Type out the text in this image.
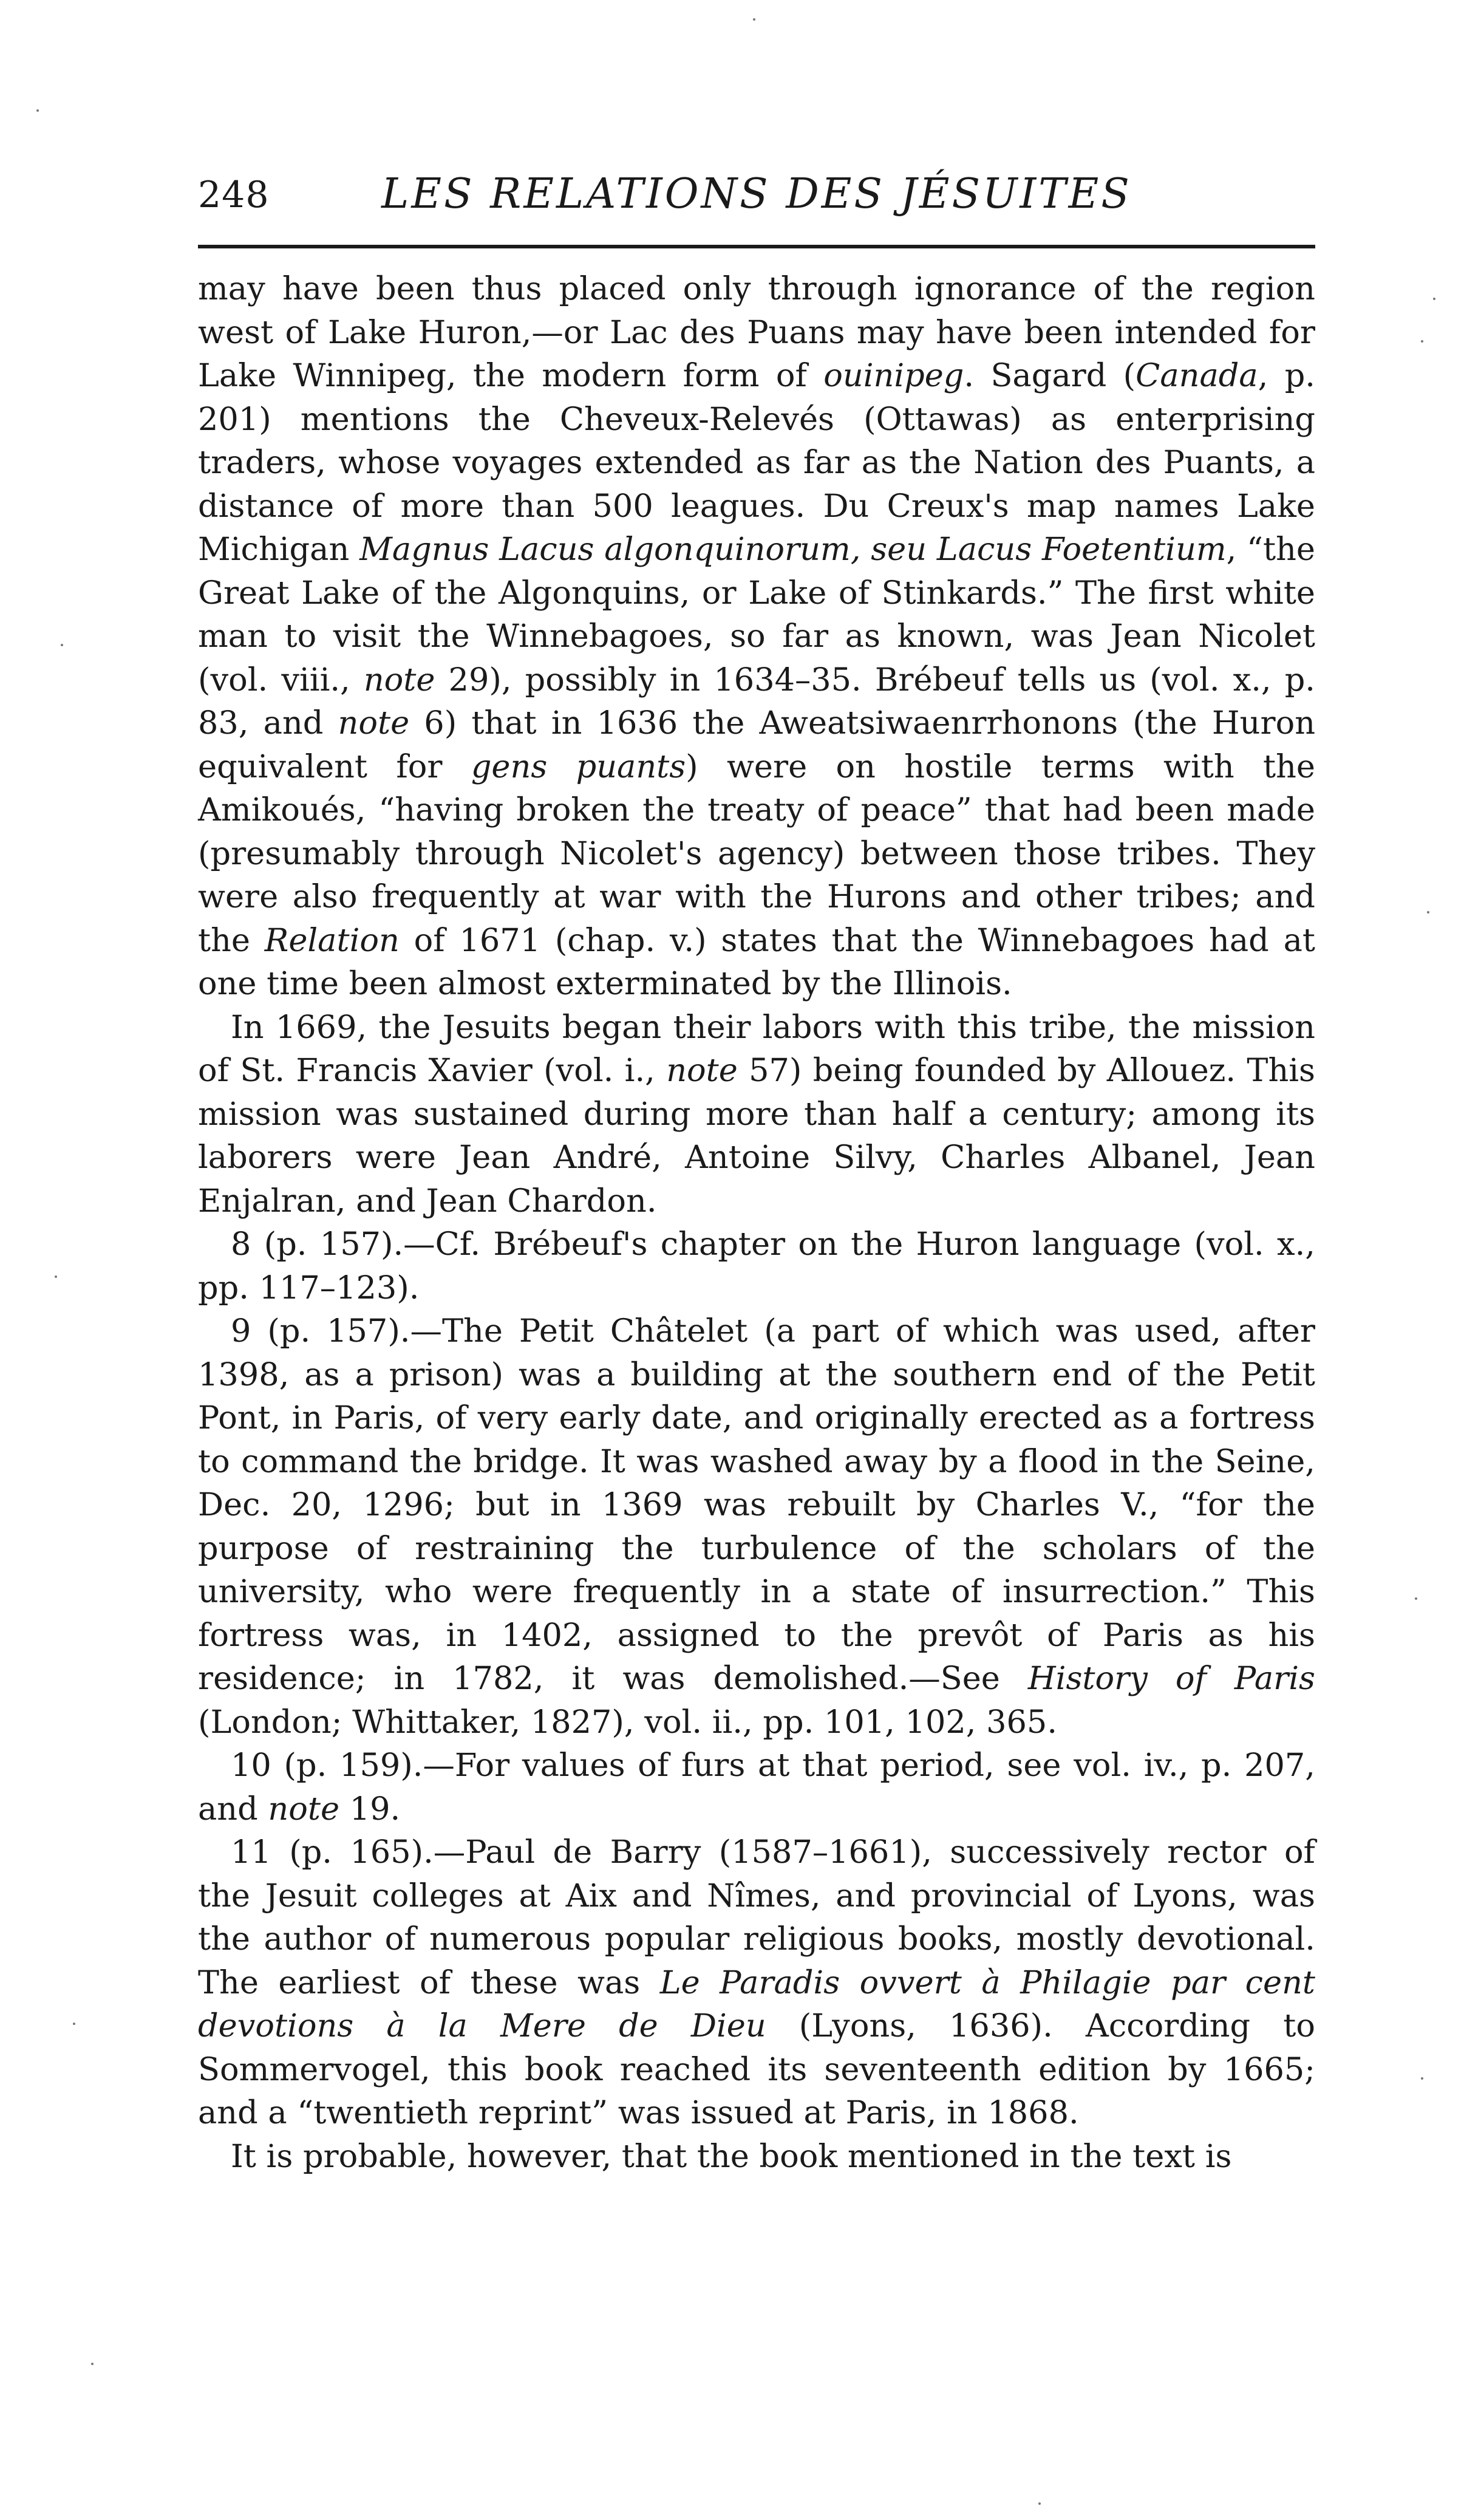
248	LES RELATIONS DES JÉSUITES

may have been thus placed only through ignorance of the region west of Lake Huron,—or Lac des Puans may have been intended for Lake Winnipeg, the modern form of ouinipeg. Sagard (Canada, p. 201) mentions the Cheveux-Relevés (Ottawas) as enterprising traders, whose voyages extended as far as the Nation des Puants, a distance of more than 500 leagues. Du Creux's map names Lake Michigan Magnus Lacus algonquinorum, seu Lacus Foetentium, “the Great Lake of the Algonquins, or Lake of Stinkards.” The first white man to visit the Winnebagoes, so far as known, was Jean Nicolet (vol. viii., note 29), possibly in 1634–35. Brébeuf tells us (vol. x., p. 83, and note 6) that in 1636 the Aweatsiwaenrrhonons (the Huron equivalent for gens puants) were on hostile terms with the Amikoués, “having broken the treaty of peace” that had been made (presumably through Nicolet's agency) between those tribes. They were also frequently at war with the Hurons and other tribes; and the Relation of 1671 (chap. v.) states that the Winnebagoes had at one time been almost exterminated by the Illinois.

In 1669, the Jesuits began their labors with this tribe, the mission of St. Francis Xavier (vol. i., note 57) being founded by Allouez. This mission was sustained during more than half a century; among its laborers were Jean André, Antoine Silvy, Charles Albanel, Jean Enjalran, and Jean Chardon.

8 (p. 157).—Cf. Brébeuf's chapter on the Huron language (vol. x., pp. 117–123).

9 (p. 157).—The Petit Châtelet (a part of which was used, after 1398, as a prison) was a building at the southern end of the Petit Pont, in Paris, of very early date, and originally erected as a fortress to command the bridge. It was washed away by a flood in the Seine, Dec. 20, 1296; but in 1369 was rebuilt by Charles V., “for the purpose of restraining the turbulence of the scholars of the university, who were frequently in a state of insurrection.” This fortress was, in 1402, assigned to the prevôt of Paris as his residence; in 1782, it was demolished.—See History of Paris (London; Whittaker, 1827), vol. ii., pp. 101, 102, 365.

10 (p. 159).—For values of furs at that period, see vol. iv., p. 207, and note 19.

11 (p. 165).—Paul de Barry (1587–1661), successively rector of the Jesuit colleges at Aix and Nîmes, and provincial of Lyons, was the author of numerous popular religious books, mostly devotional. The earliest of these was Le Paradis ovvert à Philagie par cent devotions à la Mere de Dieu (Lyons, 1636). According to Sommervogel, this book reached its seventeenth edition by 1665; and a “twentieth reprint” was issued at Paris, in 1868.

It is probable, however, that the book mentioned in the text is
